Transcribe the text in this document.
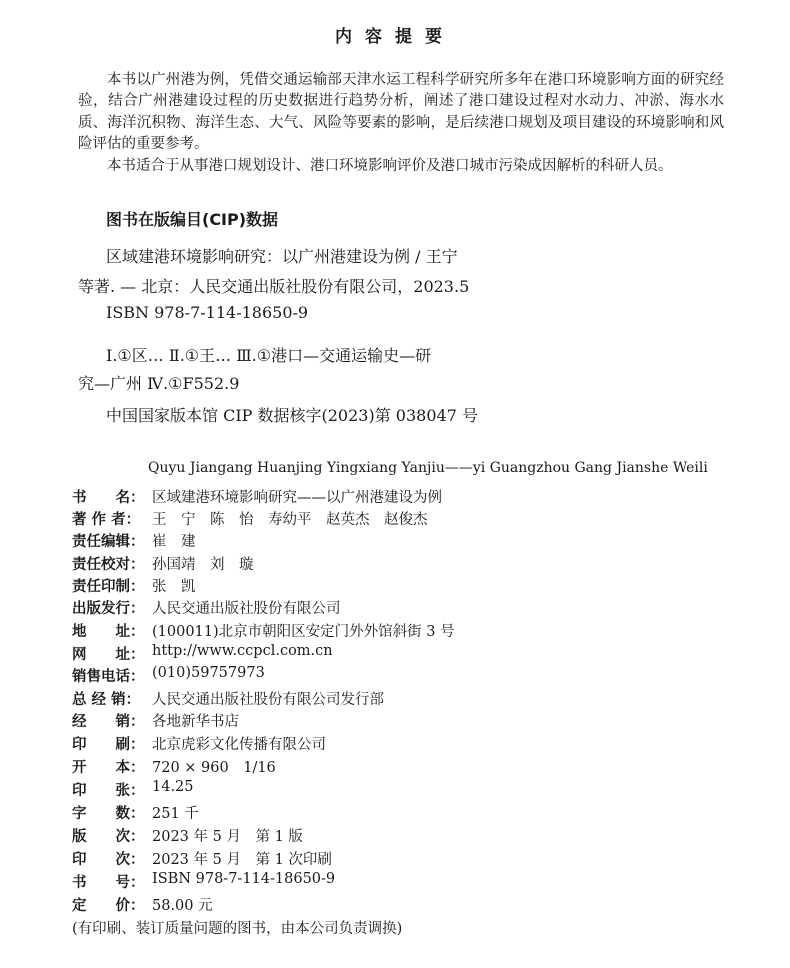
内容提要

本书以广州港为例，凭借交通运输部天津水运工程科学研究所多年在港口环境影响方面的研究经验，结合广州港建设过程的历史数据进行趋势分析，阐述了港口建设过程对水动力、冲淤、海水水质、海洋沉积物、海洋生态、大气、风险等要素的影响，是后续港口规划及项目建设的环境影响和风险评估的重要参考。

本书适合于从事港口规划设计、港口环境影响评价及港口城市污染成因解析的科研人员。

图书在版编目(CIP)数据
区域建港环境影响研究：以广州港建设为例 / 王宁
等著. — 北京：人民交通出版社股份有限公司，2023.5
ISBN 978-7-114-18650-9
Ⅰ.①区… Ⅱ.①王… Ⅲ.①港口—交通运输史—研
究—广州 Ⅳ.①F552.9
中国国家版本馆 CIP 数据核字(2023)第 038047 号
Quyu Jiangang Huanjing Yingxiang Yanjiu——yi Guangzhou Gang Jianshe Weili
书　　名： 区域建港环境影响研究——以广州港建设为例
著 作 者： 王　宁　陈　怡　寿幼平　赵英杰　赵俊杰
责任编辑： 崔　建
责任校对： 孙国靖　刘　璇
责任印制： 张　凯
出版发行： 人民交通出版社股份有限公司
地　　址： (100011)北京市朝阳区安定门外外馆斜街 3 号
网　　址： http://www.ccpcl.com.cn
销售电话： (010)59757973
总 经 销： 人民交通出版社股份有限公司发行部
经　　销： 各地新华书店
印　　刷： 北京虎彩文化传播有限公司
开　　本： 720 × 960　1/16
印　　张： 14.25
字　　数： 251 千
版　　次： 2023 年 5 月　第 1 版
印　　次： 2023 年 5 月　第 1 次印刷
书　　号： ISBN 978-7-114-18650-9
定　　价： 58.00 元
(有印刷、装订质量问题的图书，由本公司负责调换)
